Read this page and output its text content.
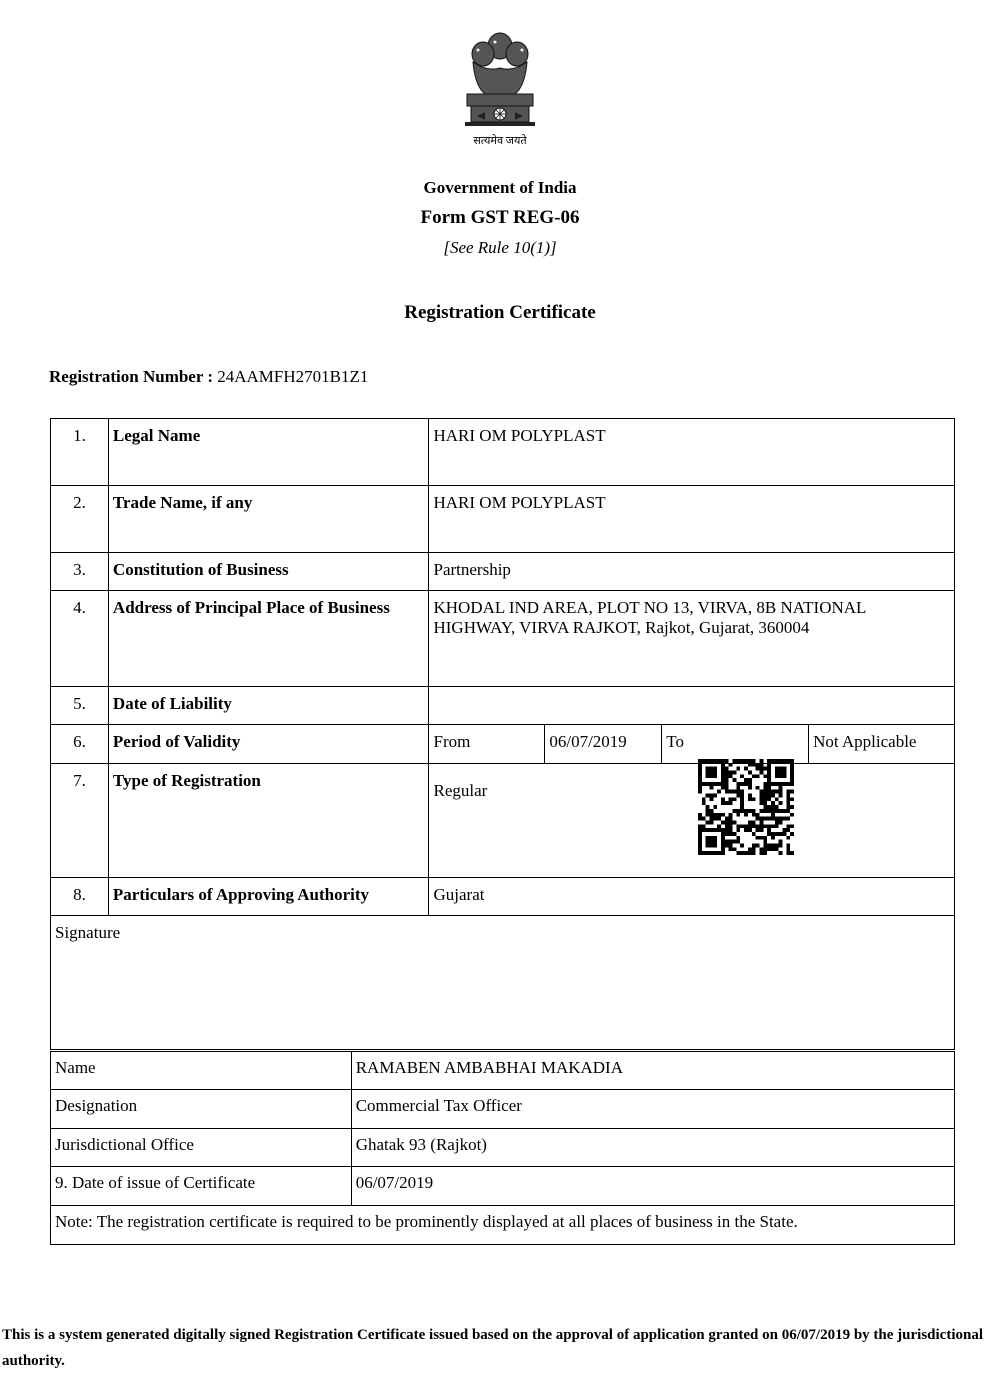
सत्यमेव जयते
Government of India
Form GST REG-06
[See Rule 10(1)]
Registration Certificate
Registration Number : 24AAMFH2701B1Z1
1.	Legal Name	HARI OM POLYPLAST			
2.	Trade Name, if any	HARI OM POLYPLAST			
3.	Constitution of Business	Partnership			
4.	Address of Principal Place of Business	KHODAL IND AREA, PLOT NO 13, VIRVA, 8B NATIONAL HIGHWAY, VIRVA RAJKOT, Rajkot, Gujarat, 360004			
5.	Date of Liability				
6.	Period of Validity	From	06/07/2019	To	Not Applicable
7.	Type of Registration	Regular			

8.	Particulars of Approving Authority	Gujarat			
Signature					
Name	RAMABEN AMBABHAI MAKADIA
Designation	Commercial Tax Officer
Jurisdictional Office	Ghatak 93 (Rajkot)
9. Date of issue of Certificate	06/07/2019
Note: The registration certificate is required to be prominently displayed at all places of business in the State.	
This is a system generated digitally signed Registration Certificate issued based on the approval of application granted on 06/07/2019 by the jurisdictional authority.
